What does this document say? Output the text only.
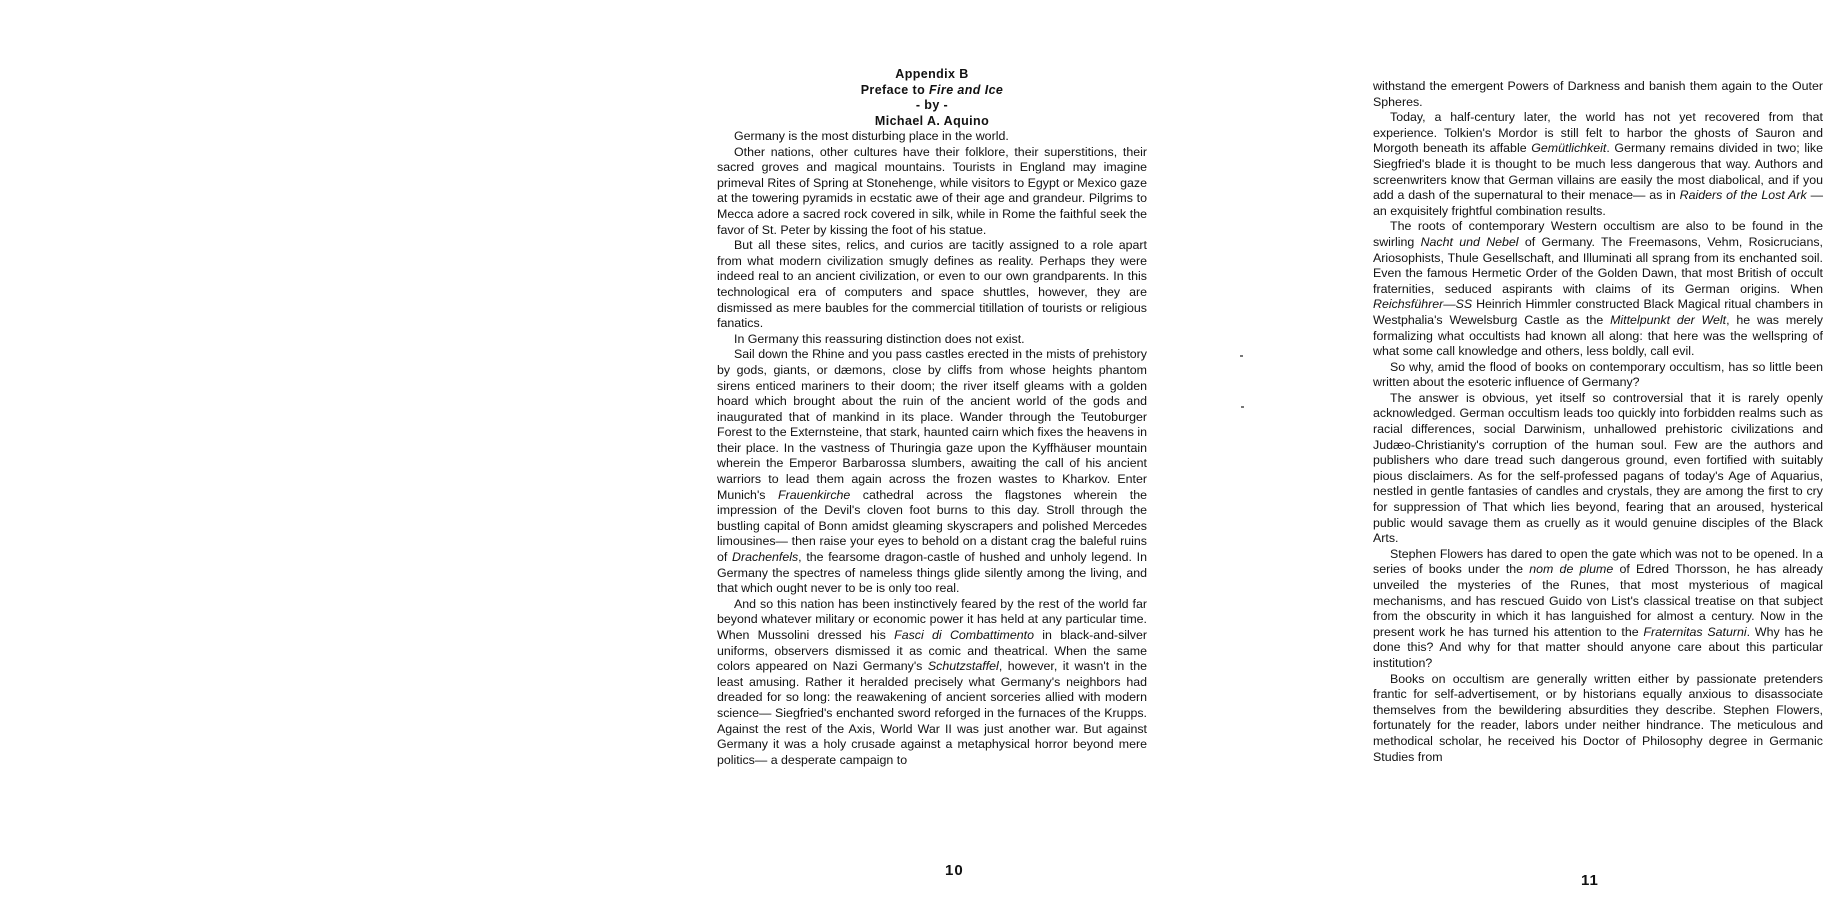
Appendix B
Preface to Fire and Ice
- by -
Michael A. Aquino

Germany is the most disturbing place in the world.

Other nations, other cultures have their folklore, their superstitions, their sacred groves and magical mountains. Tourists in England may imagine primeval Rites of Spring at Stonehenge, while visitors to Egypt or Mexico gaze at the towering pyramids in ecstatic awe of their age and grandeur. Pilgrims to Mecca adore a sacred rock covered in silk, while in Rome the faithful seek the favor of St. Peter by kissing the foot of his statue.

But all these sites, relics, and curios are tacitly assigned to a role apart from what modern civilization smugly defines as reality. Perhaps they were indeed real to an ancient civilization, or even to our own grandparents. In this technological era of computers and space shuttles, however, they are dismissed as mere baubles for the commercial titillation of tourists or religious fanatics.

In Germany this reassuring distinction does not exist.

Sail down the Rhine and you pass castles erected in the mists of prehistory by gods, giants, or dæmons, close by cliffs from whose heights phantom sirens enticed mariners to their doom; the river itself gleams with a golden hoard which brought about the ruin of the ancient world of the gods and inaugurated that of mankind in its place. Wander through the Teutoburger Forest to the Externsteine, that stark, haunted cairn which fixes the heavens in their place. In the vastness of Thuringia gaze upon the Kyffhäuser mountain wherein the Emperor Barbarossa slumbers, awaiting the call of his ancient warriors to lead them again across the frozen wastes to Kharkov. Enter Munich's Frauenkirche cathedral across the flagstones wherein the impression of the Devil's cloven foot burns to this day. Stroll through the bustling capital of Bonn amidst gleaming skyscrapers and polished Mercedes limousines— then raise your eyes to behold on a distant crag the baleful ruins of Drachenfels, the fearsome dragon-castle of hushed and unholy legend. In Germany the spectres of nameless things glide silently among the living, and that which ought never to be is only too real.

And so this nation has been instinctively feared by the rest of the world far beyond whatever military or economic power it has held at any particular time. When Mussolini dressed his Fasci di Combattimento in black-and-silver uniforms, observers dismissed it as comic and theatrical. When the same colors appeared on Nazi Germany's Schutzstaffel, however, it wasn't in the least amusing. Rather it heralded precisely what Germany's neighbors had dreaded for so long: the reawakening of ancient sorceries allied with modern science— Siegfried's enchanted sword reforged in the furnaces of the Krupps. Against the rest of the Axis, World War II was just another war. But against Germany it was a holy crusade against a metaphysical horror beyond mere politics— a desperate campaign to

withstand the emergent Powers of Darkness and banish them again to the Outer Spheres.

Today, a half-century later, the world has not yet recovered from that experience. Tolkien's Mordor is still felt to harbor the ghosts of Sauron and Morgoth beneath its affable Gemütlichkeit. Germany remains divided in two; like Siegfried's blade it is thought to be much less dangerous that way. Authors and screenwriters know that German villains are easily the most diabolical, and if you add a dash of the supernatural to their menace— as in Raiders of the Lost Ark — an exquisitely frightful combination results.

The roots of contemporary Western occultism are also to be found in the swirling Nacht und Nebel of Germany. The Freemasons, Vehm, Rosicrucians, Ariosophists, Thule Gesellschaft, and Illuminati all sprang from its enchanted soil. Even the famous Hermetic Order of the Golden Dawn, that most British of occult fraternities, seduced aspirants with claims of its German origins. When Reichsführer—SS Heinrich Himmler constructed Black Magical ritual chambers in Westphalia's Wewelsburg Castle as the Mittelpunkt der Welt, he was merely formalizing what occultists had known all along: that here was the wellspring of what some call knowledge and others, less boldly, call evil.

So why, amid the flood of books on contemporary occultism, has so little been written about the esoteric influence of Germany?

The answer is obvious, yet itself so controversial that it is rarely openly acknowledged. German occultism leads too quickly into forbidden realms such as racial differences, social Darwinism, unhallowed prehistoric civilizations and Judæo-Christianity's corruption of the human soul. Few are the authors and publishers who dare tread such dangerous ground, even fortified with suitably pious disclaimers. As for the self-professed pagans of today's Age of Aquarius, nestled in gentle fantasies of candles and crystals, they are among the first to cry for suppression of That which lies beyond, fearing that an aroused, hysterical public would savage them as cruelly as it would genuine disciples of the Black Arts.

Stephen Flowers has dared to open the gate which was not to be opened. In a series of books under the nom de plume of Edred Thorsson, he has already unveiled the mysteries of the Runes, that most mysterious of magical mechanisms, and has rescued Guido von List's classical treatise on that subject from the obscurity in which it has languished for almost a century. Now in the present work he has turned his attention to the Fraternitas Saturni. Why has he done this? And why for that matter should anyone care about this particular institution?

Books on occultism are generally written either by passionate pretenders frantic for self-advertisement, or by historians equally anxious to disassociate themselves from the bewildering absurdities they describe. Stephen Flowers, fortunately for the reader, labors under neither hindrance. The meticulous and methodical scholar, he received his Doctor of Philosophy degree in Germanic Studies from

10
11
